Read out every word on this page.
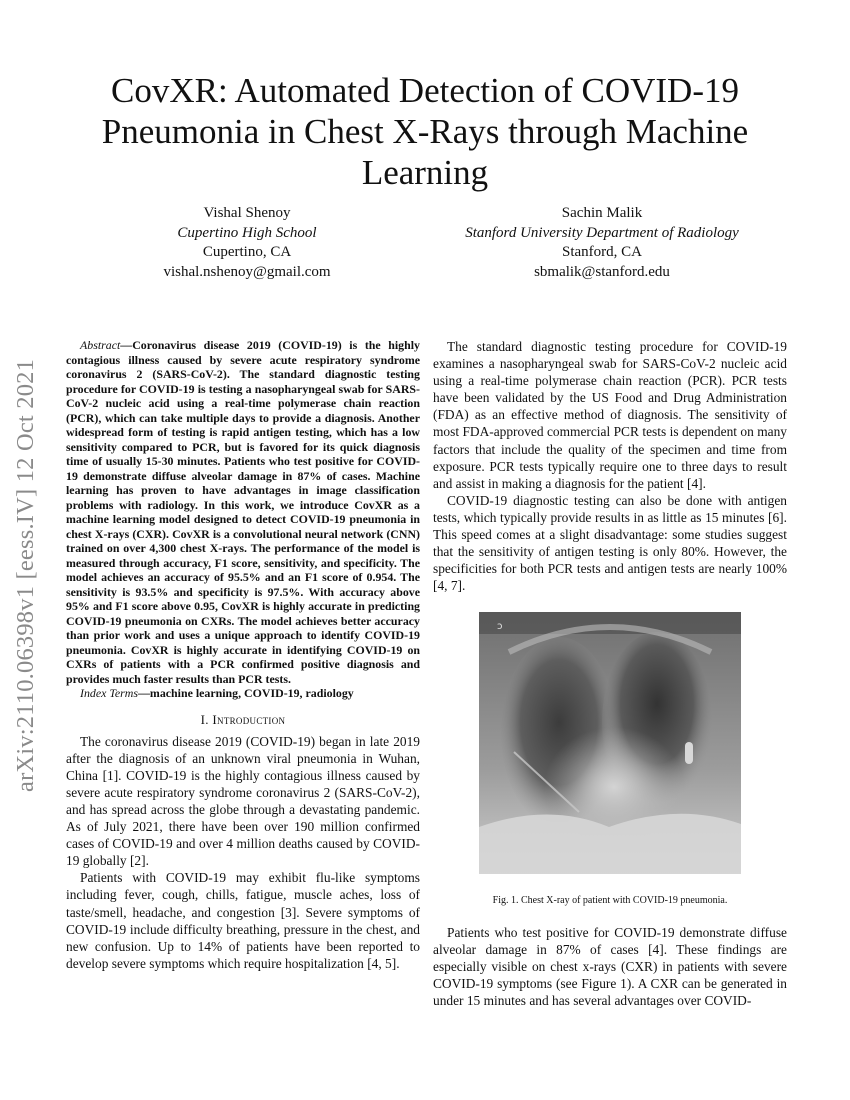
CovXR: Automated Detection of COVID-19
Pneumonia in Chest X-Rays through Machine
Learning
Vishal Shenoy
Cupertino High School
Cupertino, CA
vishal.nshenoy@gmail.com
Sachin Malik
Stanford University Department of Radiology
Stanford, CA
sbmalik@stanford.edu
arXiv:2110.06398v1 [eess.IV] 12 Oct 2021

Abstract—Coronavirus disease 2019 (COVID-19) is the highly contagious illness caused by severe acute respiratory syndrome coronavirus 2 (SARS-CoV-2). The standard diagnostic testing procedure for COVID-19 is testing a nasopharyngeal swab for SARS-CoV-2 nucleic acid using a real-time polymerase chain reaction (PCR), which can take multiple days to provide a diagnosis. Another widespread form of testing is rapid antigen testing, which has a low sensitivity compared to PCR, but is favored for its quick diagnosis time of usually 15-30 minutes. Patients who test positive for COVID-19 demonstrate diffuse alveolar damage in 87% of cases. Machine learning has proven to have advantages in image classification problems with radiology. In this work, we introduce CovXR as a machine learning model designed to detect COVID-19 pneumonia in chest X-rays (CXR). CovXR is a convolutional neural network (CNN) trained on over 4,300 chest X-rays. The performance of the model is measured through accuracy, F1 score, sensitivity, and specificity. The model achieves an accuracy of 95.5% and an F1 score of 0.954. The sensitivity is 93.5% and specificity is 97.5%. With accuracy above 95% and F1 score above 0.95, CovXR is highly accurate in predicting COVID-19 pneumonia on CXRs. The model achieves better accuracy than prior work and uses a unique approach to identify COVID-19 pneumonia. CovXR is highly accurate in identifying COVID-19 on CXRs of patients with a PCR confirmed positive diagnosis and provides much faster results than PCR tests.

Index Terms—machine learning, COVID-19, radiology

I. Introduction

The coronavirus disease 2019 (COVID-19) began in late 2019 after the diagnosis of an unknown viral pneumonia in Wuhan, China [1]. COVID-19 is the highly contagious illness caused by severe acute respiratory syndrome coronavirus 2 (SARS-CoV-2), and has spread across the globe through a devastating pandemic. As of July 2021, there have been over 190 million confirmed cases of COVID-19 and over 4 million deaths caused by COVID-19 globally [2].

Patients with COVID-19 may exhibit flu-like symptoms including fever, cough, chills, fatigue, muscle aches, loss of taste/smell, headache, and congestion [3]. Severe symptoms of COVID-19 include difficulty breathing, pressure in the chest, and new confusion. Up to 14% of patients have been reported to develop severe symptoms which require hospitalization [4, 5].

The standard diagnostic testing procedure for COVID-19 examines a nasopharyngeal swab for SARS-CoV-2 nucleic acid using a real-time polymerase chain reaction (PCR). PCR tests have been validated by the US Food and Drug Administration (FDA) as an effective method of diagnosis. The sensitivity of most FDA-approved commercial PCR tests is dependent on many factors that include the quality of the specimen and time from exposure. PCR tests typically require one to three days to result and assist in making a diagnosis for the patient [4].

COVID-19 diagnostic testing can also be done with antigen tests, which typically provide results in as little as 15 minutes [6]. This speed comes at a slight disadvantage: some studies suggest that the sensitivity of antigen testing is only 80%. However, the specificities for both PCR tests and antigen tests are nearly 100% [4, 7].

ↄ
Fig. 1. Chest X-ray of patient with COVID-19 pneumonia.

Patients who test positive for COVID-19 demonstrate diffuse alveolar damage in 87% of cases [4]. These findings are especially visible on chest x-rays (CXR) in patients with severe COVID-19 symptoms (see Figure 1). A CXR can be generated in under 15 minutes and has several advantages over COVID-
